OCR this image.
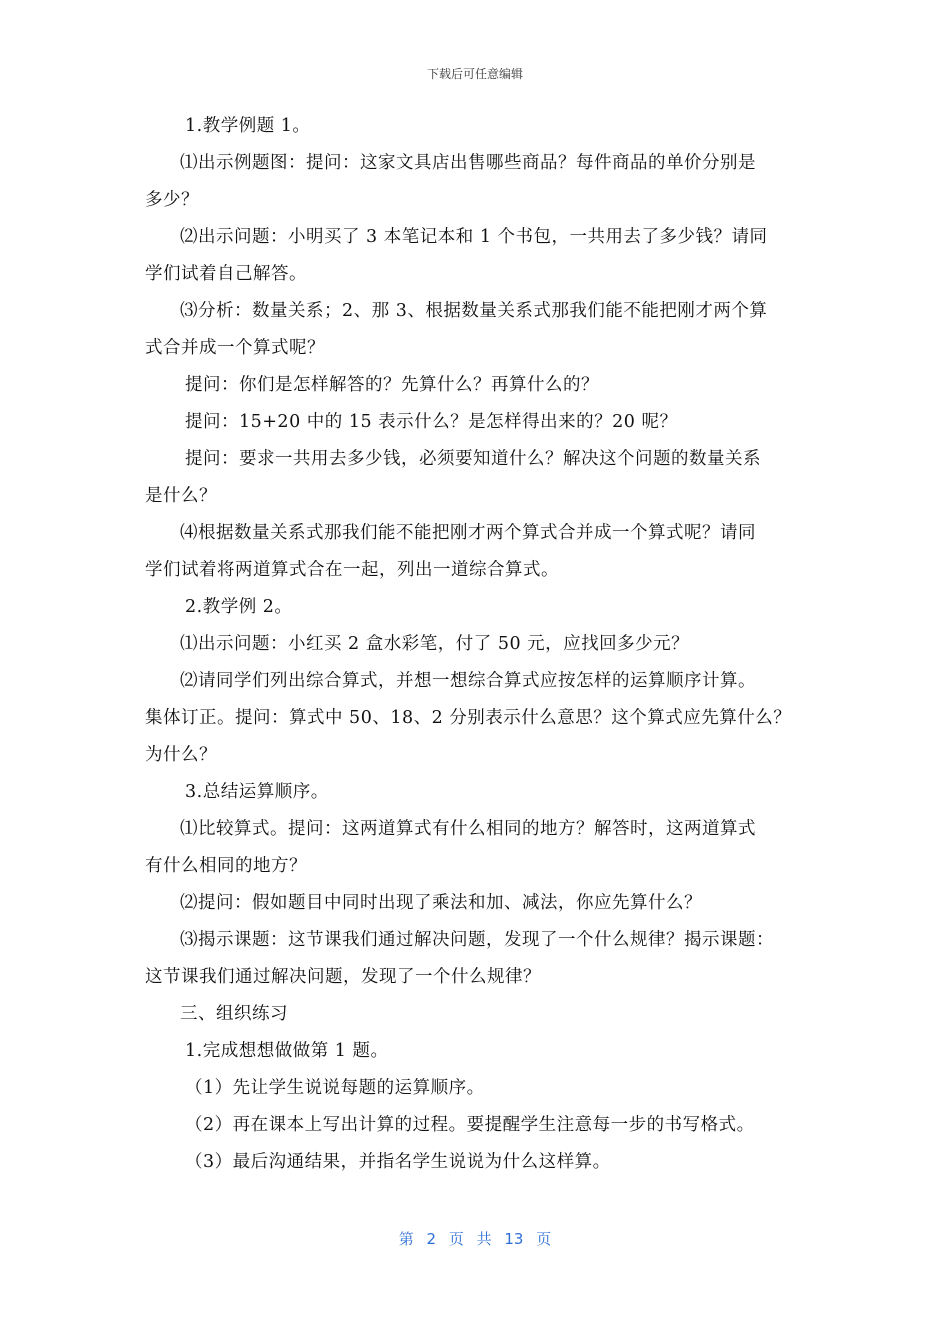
下载后可任意编辑
1.教学例题 1。
⑴出示例题图：提问：这家文具店出售哪些商品？每件商品的单价分别是
多少？
⑵出示问题：小明买了 3 本笔记本和 1 个书包，一共用去了多少钱？请同
学们试着自己解答。
⑶分析：数量关系；2、那 3、根据数量关系式那我们能不能把刚才两个算
式合并成一个算式呢？
提问：你们是怎样解答的？先算什么？再算什么的？
提问：15+20 中的 15 表示什么？是怎样得出来的？20 呢？
提问：要求一共用去多少钱，必须要知道什么？解决这个问题的数量关系
是什么？
⑷根据数量关系式那我们能不能把刚才两个算式合并成一个算式呢？请同
学们试着将两道算式合在一起，列出一道综合算式。
2.教学例 2。
⑴出示问题：小红买 2 盒水彩笔，付了 50 元，应找回多少元？
⑵请同学们列出综合算式，并想一想综合算式应按怎样的运算顺序计算。
集体订正。提问：算式中 50、18、2 分别表示什么意思？这个算式应先算什么？
为什么？
3.总结运算顺序。
⑴比较算式。提问：这两道算式有什么相同的地方？解答时，这两道算式
有什么相同的地方？
⑵提问：假如题目中同时出现了乘法和加、减法，你应先算什么？
⑶揭示课题：这节课我们通过解决问题，发现了一个什么规律？揭示课题：
这节课我们通过解决问题，发现了一个什么规律？
三、组织练习
1.完成想想做做第 1 题。
（1）先让学生说说每题的运算顺序。
（2）再在课本上写出计算的过程。要提醒学生注意每一步的书写格式。
（3）最后沟通结果，并指名学生说说为什么这样算。
第 2 页 共 13 页
